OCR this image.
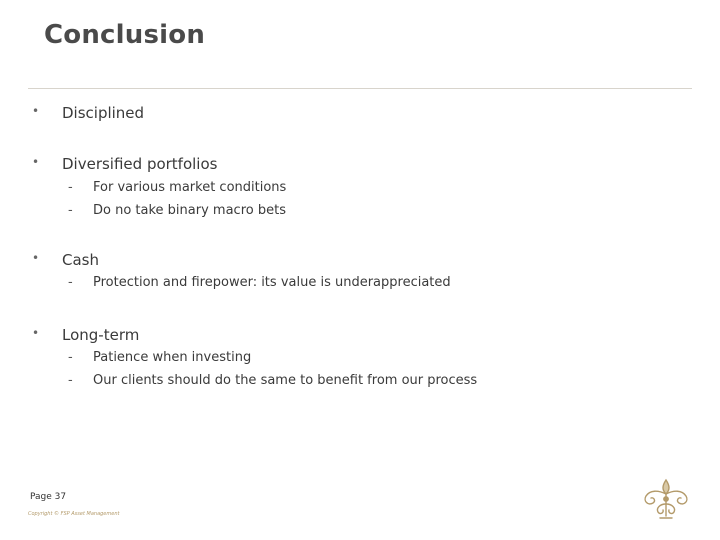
Conclusion
• Disciplined
• Diversified portfolios
- For various market conditions
- Do no take binary macro bets
• Cash
- Protection and firepower: its value is underappreciated
• Long-term
- Patience when investing
- Our clients should do the same to benefit from our process
Page 37
Copyright © FSP Asset Management
